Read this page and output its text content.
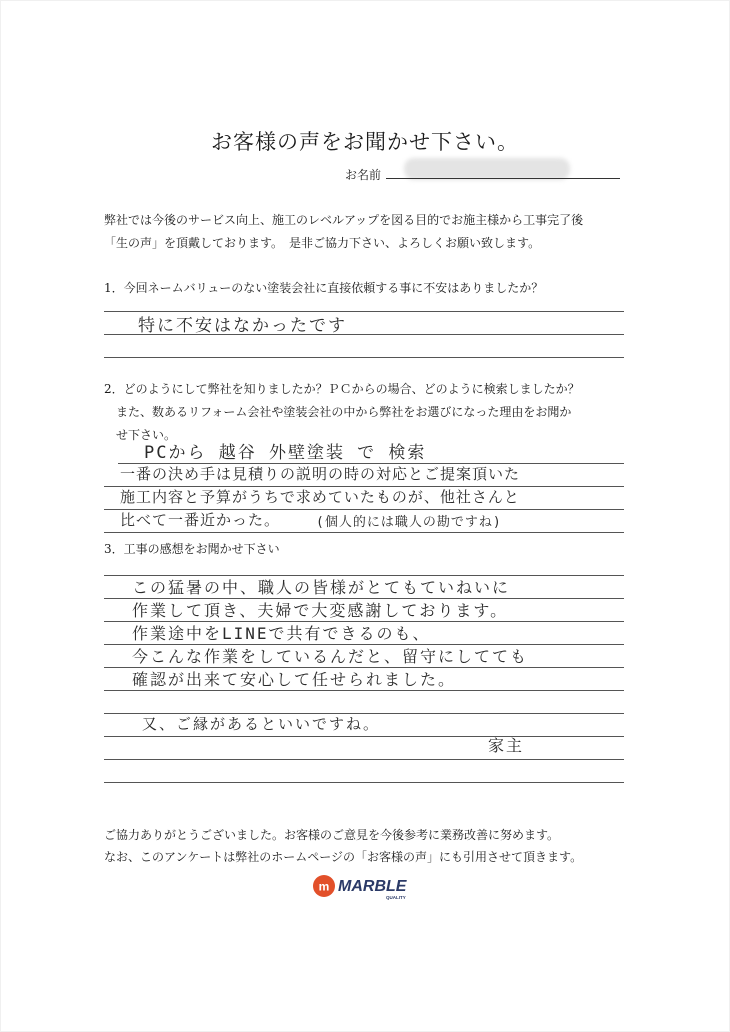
お客様の声をお聞かせ下さい。
お名前
弊社では今後のサービス向上、施工のレベルアップを図る目的でお施主様から工事完了後
「生の声」を頂戴しております。　是非ご協力下さい、よろしくお願い致します。
1．今回ネームバリューのない塗装会社に直接依頼する事に不安はありましたか？
特に不安はなかったです
2．どのようにして弊社を知りましたか？ＰＣからの場合、どのように検索しましたか？
　また、数あるリフォーム会社や塗装会社の中から弊社をお選びになった理由をお聞か
　せ下さい。
PCから 越谷 外壁塗装 で 検索
一番の決め手は見積りの説明の時の対応とご提案頂いた
施工内容と予算がうちで求めていたものが、他社さんと
比べて一番近かった。	(個人的には職人の勘ですね)
3．工事の感想をお聞かせ下さい
この猛暑の中、職人の皆様がとてもていねいに
作業して頂き、夫婦で大変感謝しております。
作業途中をLINEで共有できるのも、
今こんな作業をしているんだと、留守にしてても
確認が出来て安心して任せられました。
又、ご縁があるといいですね。
家主
ご協力ありがとうございました。お客様のご意見を今後参考に業務改善に努めます。
なお、このアンケートは弊社のホームページの「お客様の声」にも引用させて頂きます。
m MARBLE
QUALITY
